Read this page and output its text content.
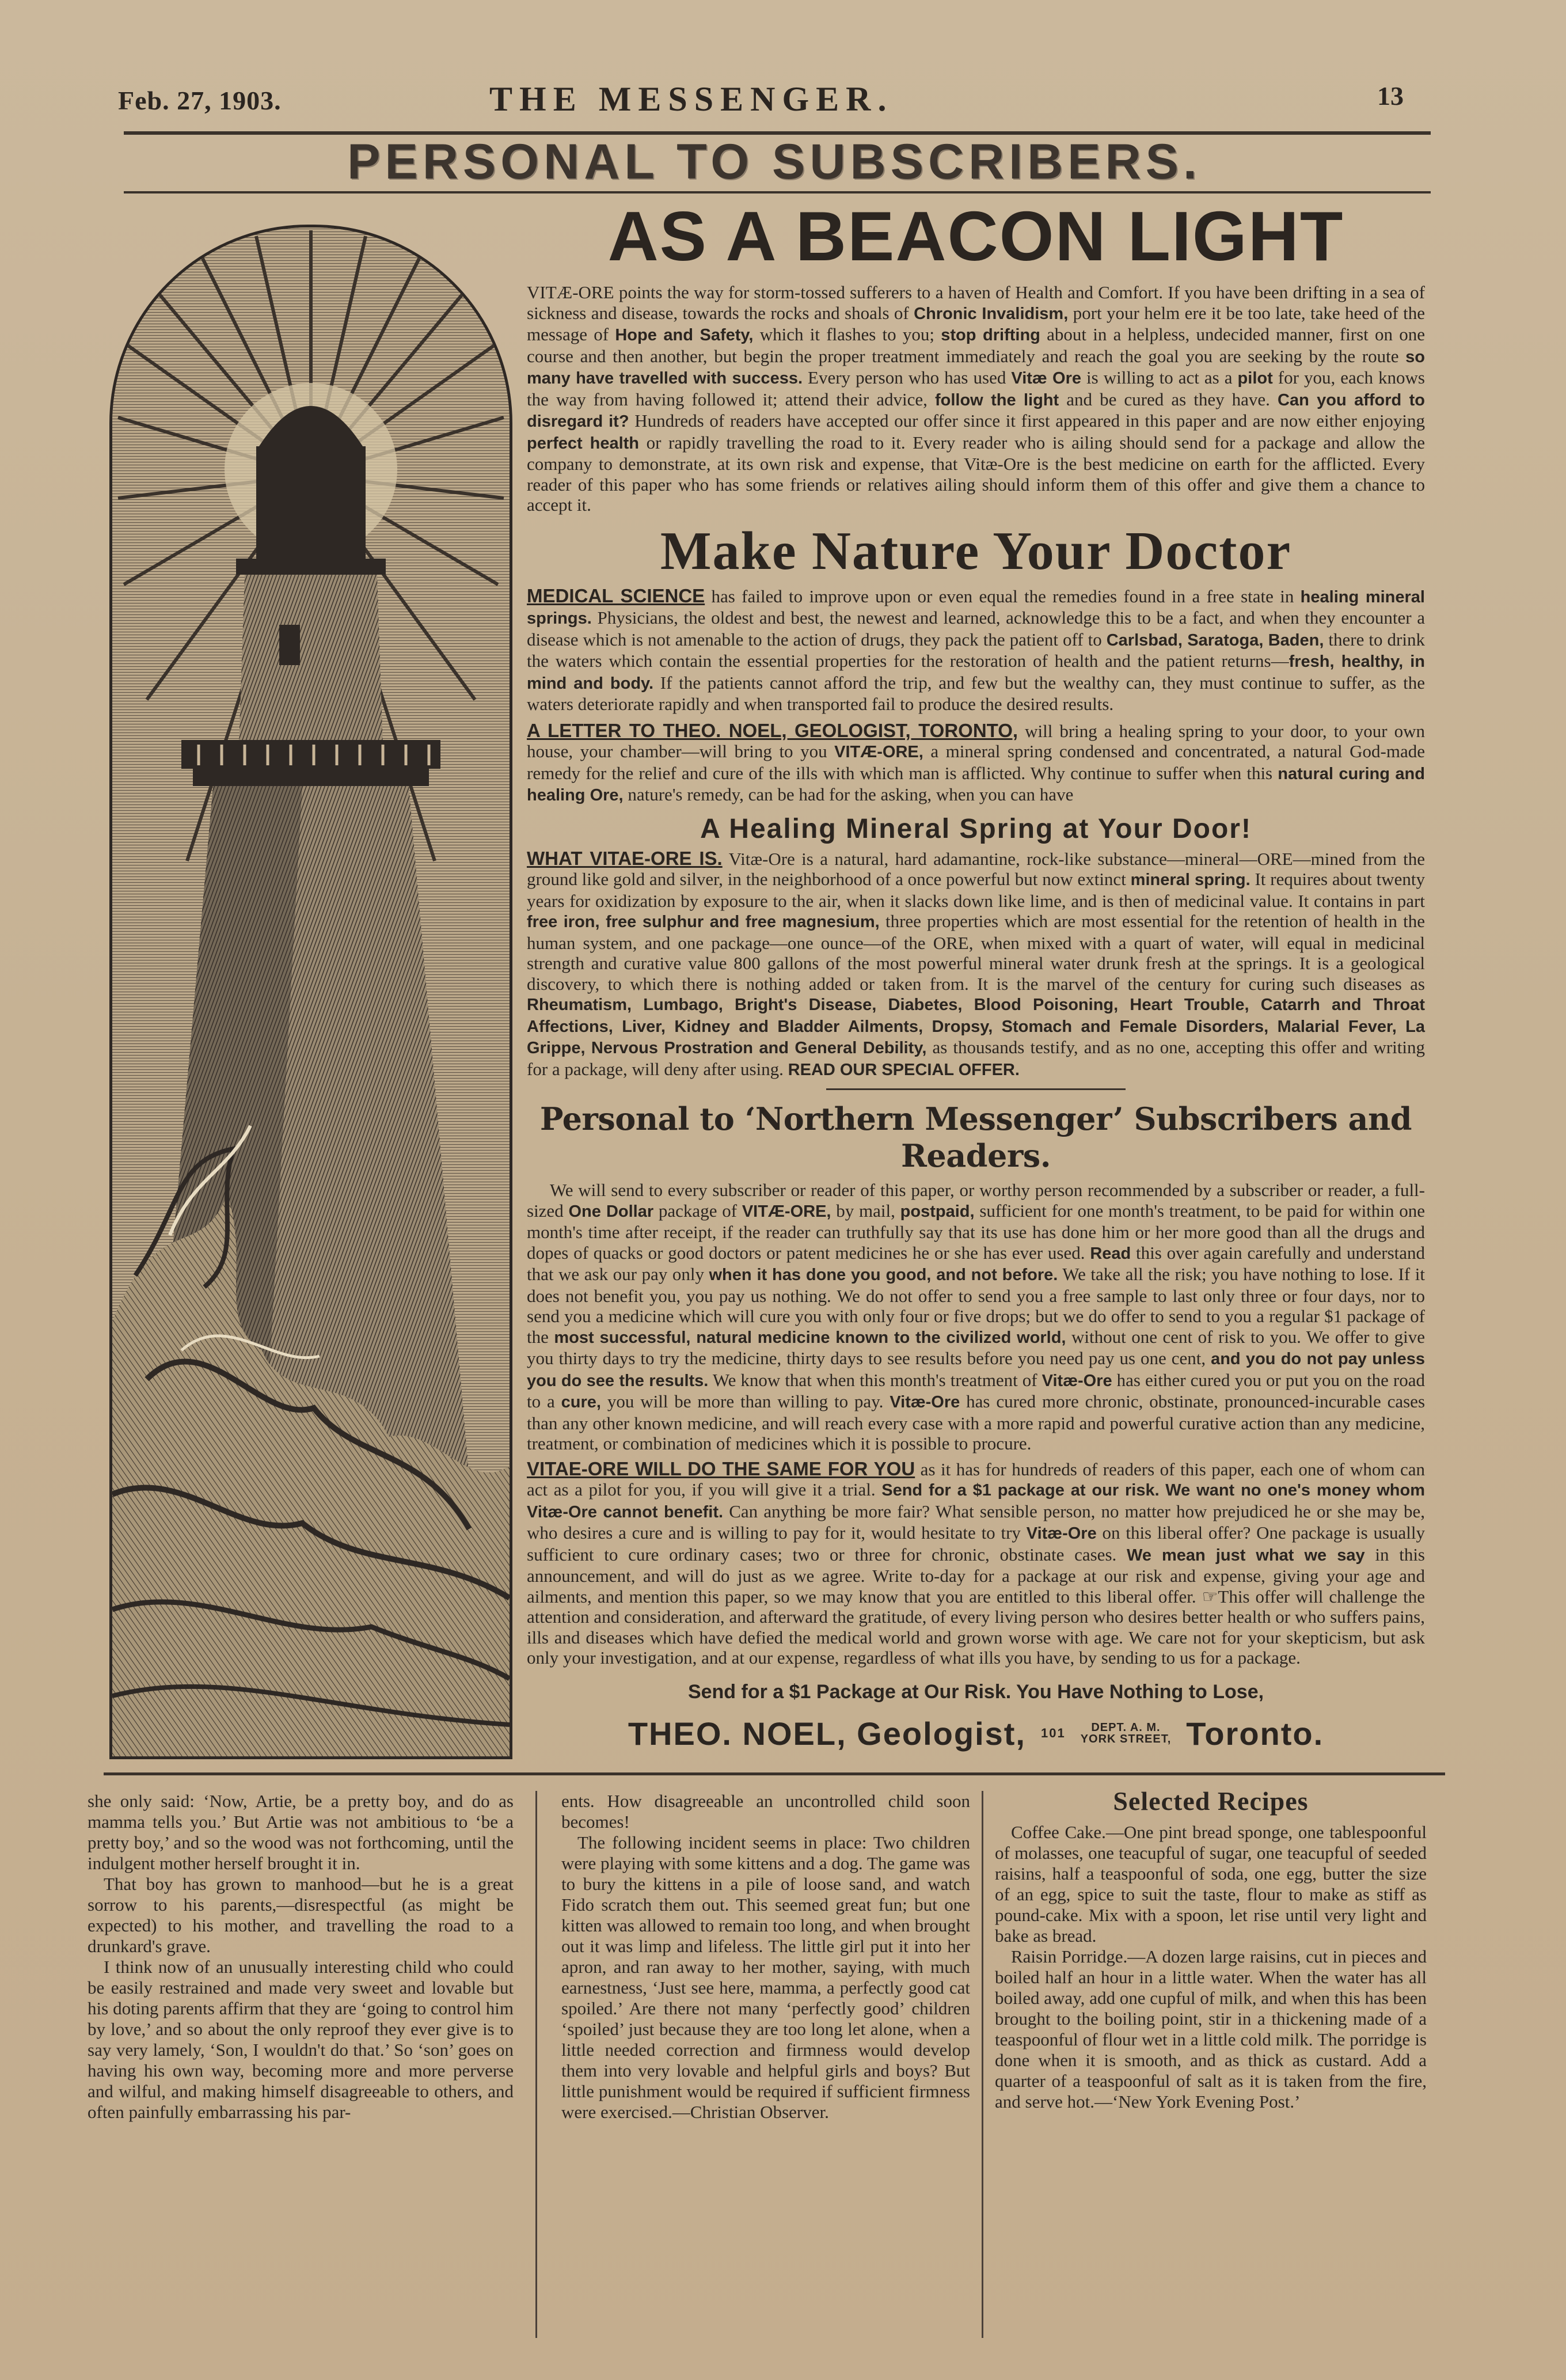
Feb. 27, 1903.	THE MESSENGER.	13
PERSONAL TO SUBSCRIBERS.
AS A BEACON LIGHT

VITÆ-ORE points the way for storm-tossed sufferers to a haven of Health and Comfort. If you have been drifting in a sea of sickness and disease, towards the rocks and shoals of Chronic Invalidism, port your helm ere it be too late, take heed of the message of Hope and Safety, which it flashes to you; stop drifting about in a helpless, undecided manner, first on one course and then another, but begin the proper treatment immediately and reach the goal you are seeking by the route so many have travelled with success. Every person who has used Vitæ Ore is willing to act as a pilot for you, each knows the way from having followed it; attend their advice, follow the light and be cured as they have. Can you afford to disregard it? Hundreds of readers have accepted our offer since it first appeared in this paper and are now either enjoying perfect health or rapidly travelling the road to it. Every reader who is ailing should send for a package and allow the company to demonstrate, at its own risk and expense, that Vitæ-Ore is the best medicine on earth for the afflicted. Every reader of this paper who has some friends or relatives ailing should inform them of this offer and give them a chance to accept it.

Make Nature Your Doctor

MEDICAL SCIENCE has failed to improve upon or even equal the remedies found in a free state in healing mineral springs. Physicians, the oldest and best, the newest and learned, acknowledge this to be a fact, and when they encounter a disease which is not amenable to the action of drugs, they pack the patient off to Carlsbad, Saratoga, Baden, there to drink the waters which contain the essential properties for the restoration of health and the patient returns—fresh, healthy, in mind and body. If the patients cannot afford the trip, and few but the wealthy can, they must continue to suffer, as the waters deteriorate rapidly and when transported fail to produce the desired results.

A LETTER TO THEO. NOEL, GEOLOGIST, TORONTO, will bring a healing spring to your door, to your own house, your chamber—will bring to you VITÆ-ORE, a mineral spring condensed and concentrated, a natural God-made remedy for the relief and cure of the ills with which man is afflicted. Why continue to suffer when this natural curing and healing Ore, nature's remedy, can be had for the asking, when you can have

A Healing Mineral Spring at Your Door!

WHAT VITAE-ORE IS. Vitæ-Ore is a natural, hard adamantine, rock-like substance—mineral—ORE—mined from the ground like gold and silver, in the neighborhood of a once powerful but now extinct mineral spring. It requires about twenty years for oxidization by exposure to the air, when it slacks down like lime, and is then of medicinal value. It contains in part free iron, free sulphur and free magnesium, three properties which are most essential for the retention of health in the human system, and one package—one ounce—of the ORE, when mixed with a quart of water, will equal in medicinal strength and curative value 800 gallons of the most powerful mineral water drunk fresh at the springs. It is a geological discovery, to which there is nothing added or taken from. It is the marvel of the century for curing such diseases as Rheumatism, Lumbago, Bright's Disease, Diabetes, Blood Poisoning, Heart Trouble, Catarrh and Throat Affections, Liver, Kidney and Bladder Ailments, Dropsy, Stomach and Female Disorders, Malarial Fever, La Grippe, Nervous Prostration and General Debility, as thousands testify, and as no one, accepting this offer and writing for a package, will deny after using. READ OUR SPECIAL OFFER.

Personal to ‘Northern Messenger’ Subscribers and Readers.

We will send to every subscriber or reader of this paper, or worthy person recommended by a subscriber or reader, a full-sized One Dollar package of VITÆ-ORE, by mail, postpaid, sufficient for one month's treatment, to be paid for within one month's time after receipt, if the reader can truthfully say that its use has done him or her more good than all the drugs and dopes of quacks or good doctors or patent medicines he or she has ever used. Read this over again carefully and understand that we ask our pay only when it has done you good, and not before. We take all the risk; you have nothing to lose. If it does not benefit you, you pay us nothing. We do not offer to send you a free sample to last only three or four days, nor to send you a medicine which will cure you with only four or five drops; but we do offer to send to you a regular $1 package of the most successful, natural medicine known to the civilized world, without one cent of risk to you. We offer to give you thirty days to try the medicine, thirty days to see results before you need pay us one cent, and you do not pay unless you do see the results. We know that when this month's treatment of Vitæ-Ore has either cured you or put you on the road to a cure, you will be more than willing to pay. Vitæ-Ore has cured more chronic, obstinate, pronounced-incurable cases than any other known medicine, and will reach every case with a more rapid and powerful curative action than any medicine, treatment, or combination of medicines which it is possible to procure.

VITAE-ORE WILL DO THE SAME FOR YOU as it has for hundreds of readers of this paper, each one of whom can act as a pilot for you, if you will give it a trial. Send for a $1 package at our risk. We want no one's money whom Vitæ-Ore cannot benefit. Can anything be more fair? What sensible person, no matter how prejudiced he or she may be, who desires a cure and is willing to pay for it, would hesitate to try Vitæ-Ore on this liberal offer? One package is usually sufficient to cure ordinary cases; two or three for chronic, obstinate cases. We mean just what we say in this announcement, and will do just as we agree. Write to-day for a package at our risk and expense, giving your age and ailments, and mention this paper, so we may know that you are entitled to this liberal offer. ☞This offer will challenge the attention and consideration, and afterward the gratitude, of every living person who desires better health or who suffers pains, ills and diseases which have defied the medical world and grown worse with age. We care not for your skepticism, but ask only your investigation, and at our expense, regardless of what ills you have, by sending to us for a package.

Send for a $1 Package at Our Risk. You Have Nothing to Lose,
THEO. NOEL, Geologist, 101	DEPT. A. M.
YORK STREET, Toronto.

she only said: ‘Now, Artie, be a pretty boy, and do as mamma tells you.’ But Artie was not ambitious to ‘be a pretty boy,’ and so the wood was not forthcoming, until the indulgent mother herself brought it in.

That boy has grown to manhood—but he is a great sorrow to his parents,—disrespectful (as might be expected) to his mother, and travelling the road to a drunkard's grave.

I think now of an unusually interesting child who could be easily restrained and made very sweet and lovable but his doting parents affirm that they are ‘going to control him by love,’ and so about the only reproof they ever give is to say very lamely, ‘Son, I wouldn't do that.’ So ‘son’ goes on having his own way, becoming more and more perverse and wilful, and making himself disagreeable to others, and often painfully embarrassing his par-

ents. How disagreeable an uncontrolled child soon becomes!

The following incident seems in place: Two children were playing with some kittens and a dog. The game was to bury the kittens in a pile of loose sand, and watch Fido scratch them out. This seemed great fun; but one kitten was allowed to remain too long, and when brought out it was limp and lifeless. The little girl put it into her apron, and ran away to her mother, saying, with much earnestness, ‘Just see here, mamma, a perfectly good cat spoiled.’ Are there not many ‘perfectly good’ children ‘spoiled’ just because they are too long let alone, when a little needed correction and firmness would develop them into very lovable and helpful girls and boys? But little punishment would be required if sufficient firmness were exercised.—Christian Observer.

Selected Recipes

Coffee Cake.—One pint bread sponge, one tablespoonful of molasses, one teacupful of sugar, one teacupful of seeded raisins, half a teaspoonful of soda, one egg, butter the size of an egg, spice to suit the taste, flour to make as stiff as pound-cake. Mix with a spoon, let rise until very light and bake as bread.

Raisin Porridge.—A dozen large raisins, cut in pieces and boiled half an hour in a little water. When the water has all boiled away, add one cupful of milk, and when this has been brought to the boiling point, stir in a thickening made of a teaspoonful of flour wet in a little cold milk. The porridge is done when it is smooth, and as thick as custard. Add a quarter of a teaspoonful of salt as it is taken from the fire, and serve hot.—‘New York Evening Post.’
